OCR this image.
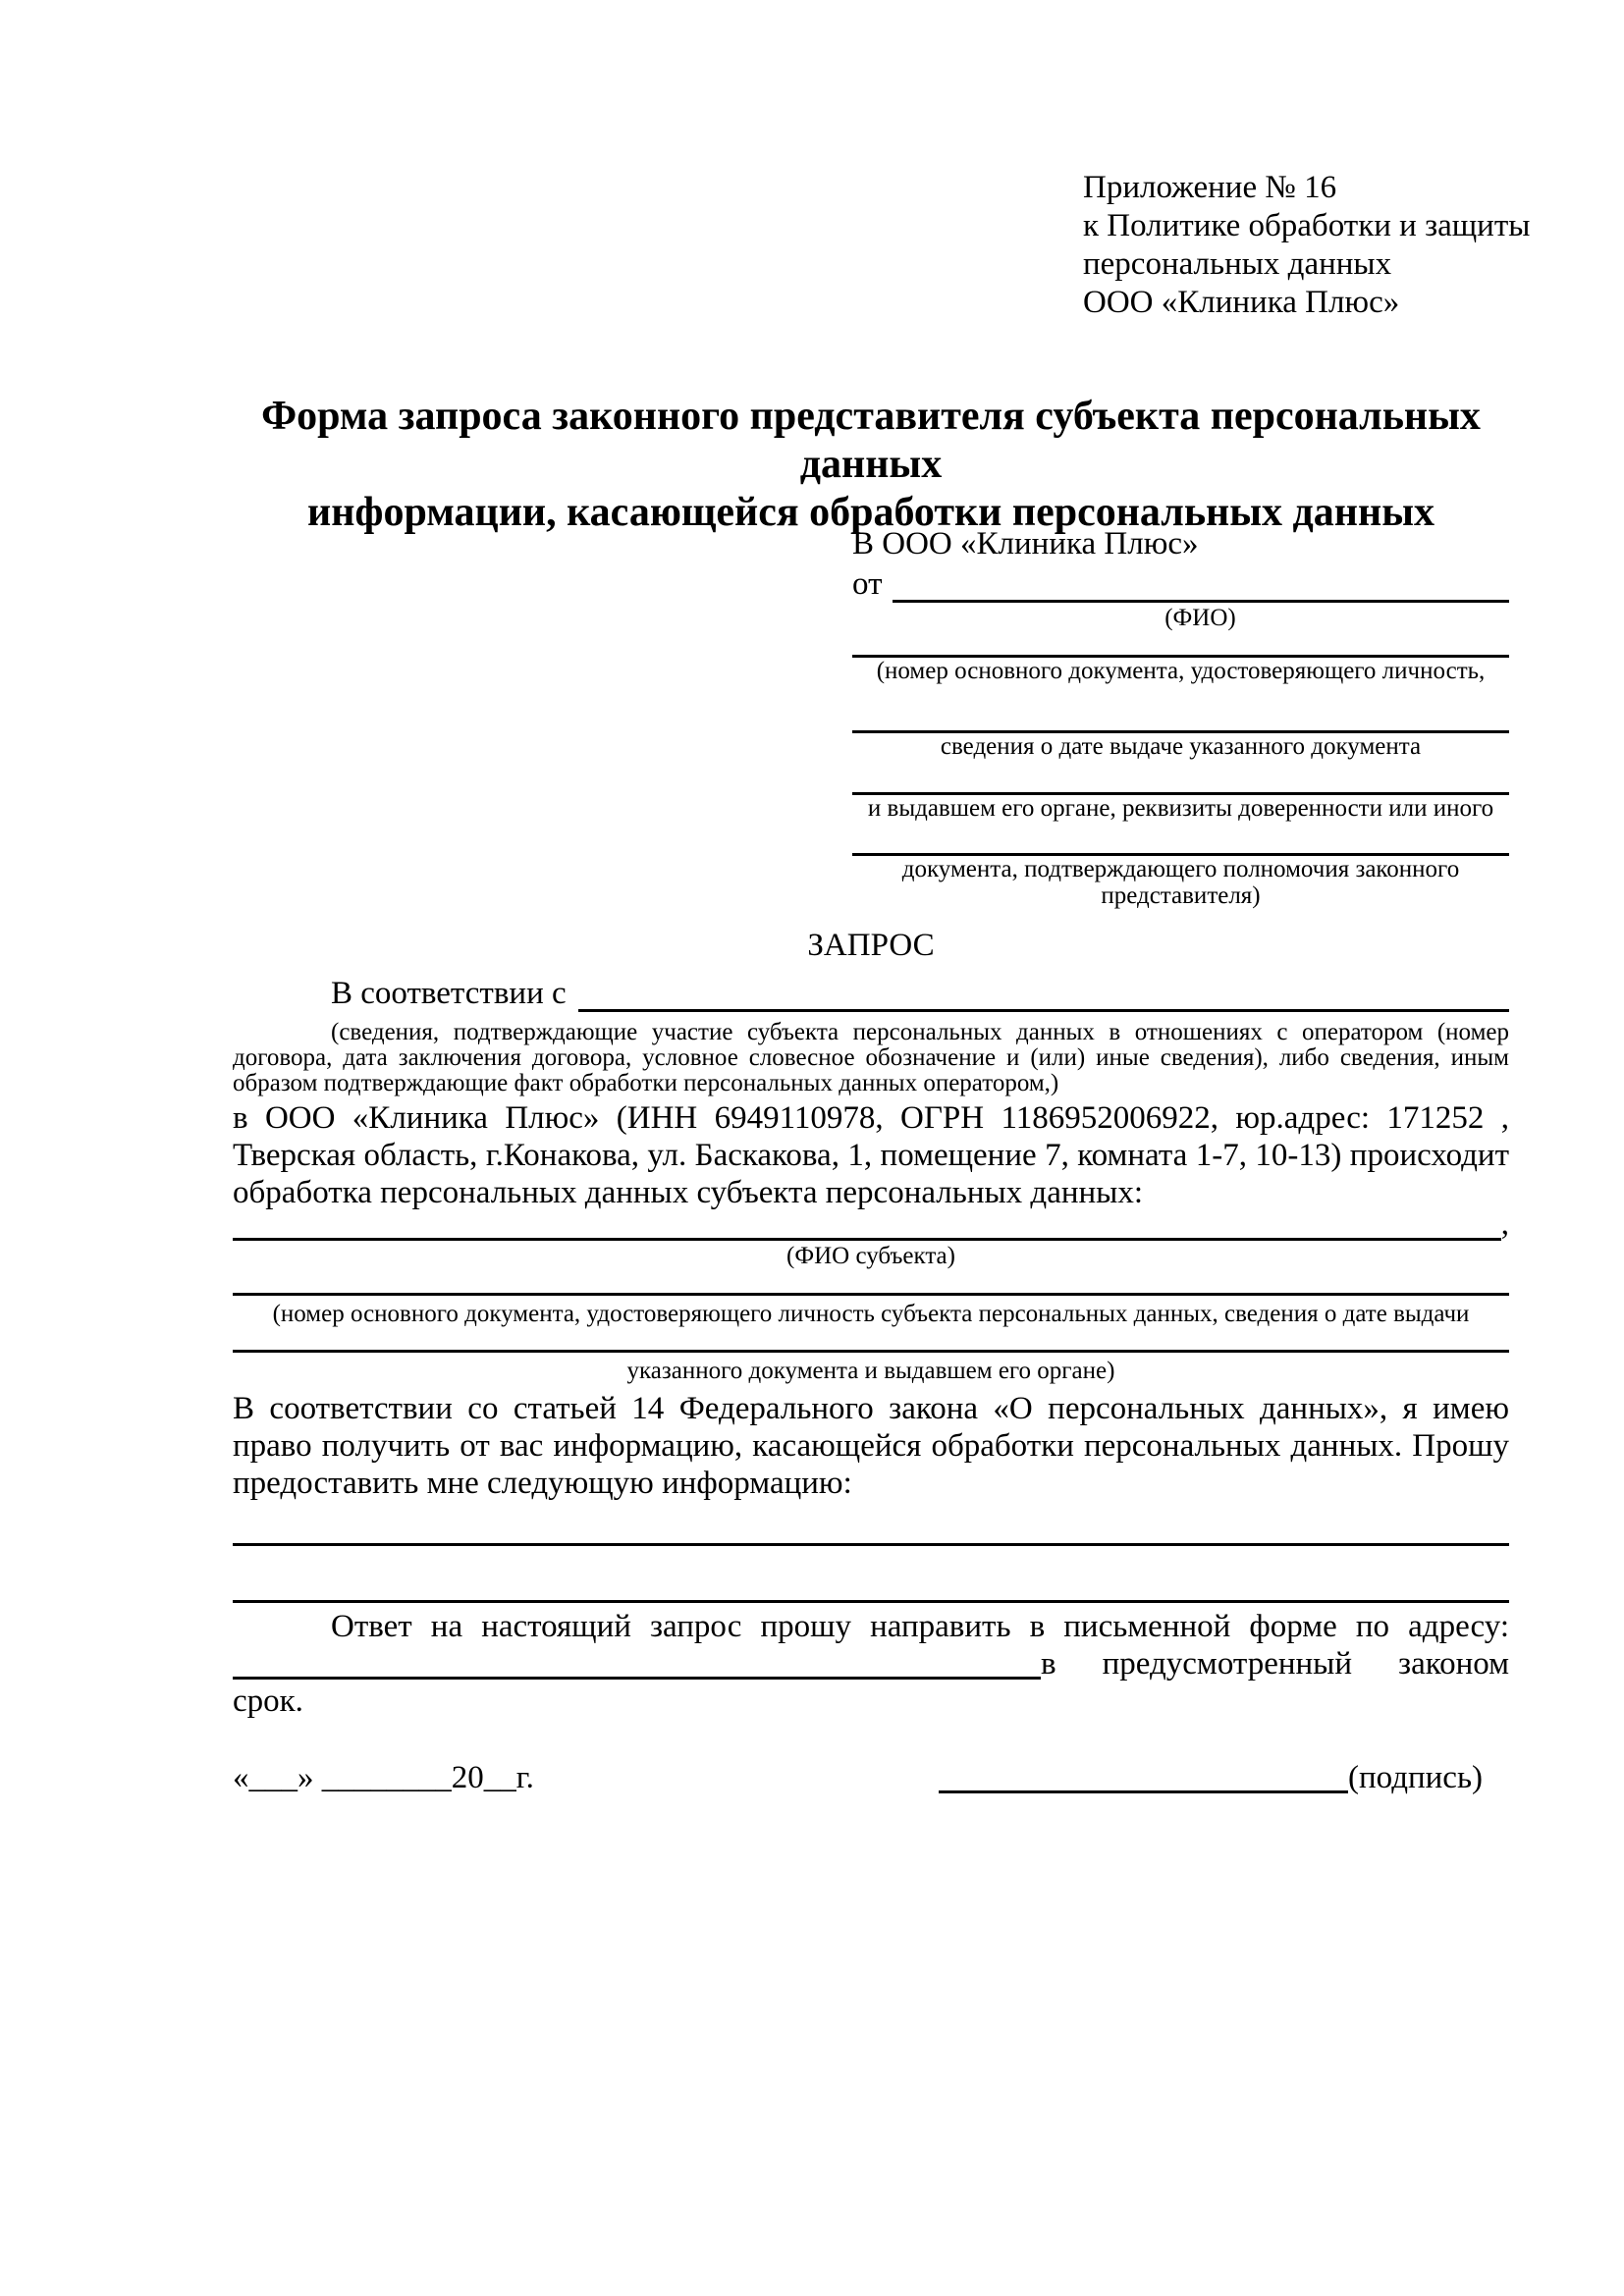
Приложение № 16
к Политике обработки и защиты
персональных данных
ООО «Клиника Плюс»
Форма запроса законного представителя субъекта персональных данных
информации, касающейся обработки персональных данных
В ООО «Клиника Плюс»
от
(ФИО)
(номер основного документа, удостоверяющего личность,
сведения о дате выдаче указанного документа
и выдавшем его органе, реквизиты доверенности или иного
документа, подтверждающего полномочия законного представителя)
ЗАПРОС
В соответствии с
(сведения, подтверждающие участие субъекта персональных данных в отношениях с оператором (номер договора, дата заключения договора, условное словесное обозначение и (или) иные сведения), либо сведения, иным образом подтверждающие факт обработки персональных данных оператором,)
в ООО «Клиника Плюс» (ИНН 6949110978, ОГРН 1186952006922, юр.адрес: 171252 , Тверская область, г.Конакова, ул. Баскакова, 1, помещение 7, комната 1-7, 10-13) происходит обработка персональных данных субъекта персональных данных:
,
(ФИО субъекта)
(номер основного документа, удостоверяющего личность субъекта персональных данных, сведения о дате выдачи
указанного документа и выдавшем его органе)
В соответствии со статьей 14 Федерального закона «О персональных данных», я имею право получить от вас информацию, касающейся обработки персональных данных. Прошу предоставить мне следующую информацию:
Ответ на настоящий запрос прошу направить в письменной форме по адресу: в предусмотренный законом срок.
«___» ________20__г.	(подпись)
